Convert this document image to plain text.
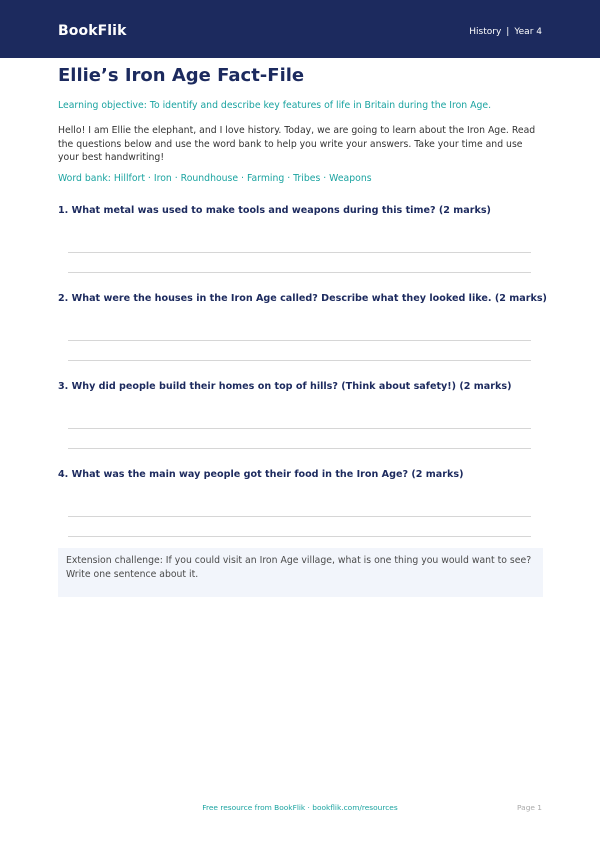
BookFlik	History | Year 4
Ellie’s Iron Age Fact-File
Learning objective: To identify and describe key features of life in Britain during the Iron Age.
Hello! I am Ellie the elephant, and I love history. Today, we are going to learn about the Iron Age. Read the questions below and use the word bank to help you write your answers. Take your time and use your best handwriting!
Word bank: Hillfort · Iron · Roundhouse · Farming · Tribes · Weapons
1. What metal was used to make tools and weapons during this time? (2 marks)
2. What were the houses in the Iron Age called? Describe what they looked like. (2 marks)
3. Why did people build their homes on top of hills? (Think about safety!) (2 marks)
4. What was the main way people got their food in the Iron Age? (2 marks)
Extension challenge: If you could visit an Iron Age village, what is one thing you would want to see? Write one sentence about it.
Free resource from BookFlik · bookflik.com/resources	Page 1
